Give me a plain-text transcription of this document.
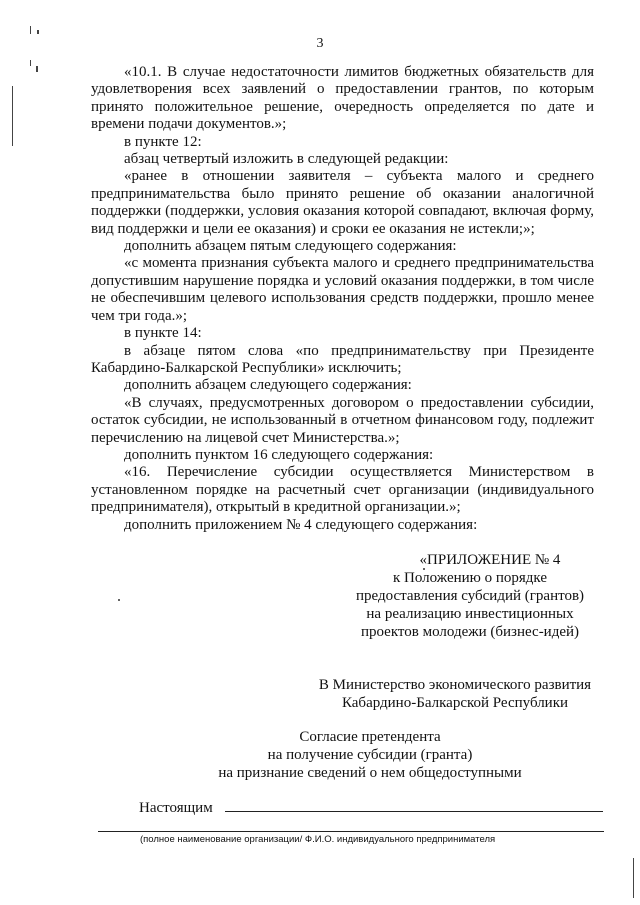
3

«10.1. В случае недостаточности лимитов бюджетных обязательств для удовлетворения всех заявлений о предоставлении грантов, по которым принято положительное решение, очередность определяется по дате и времени подачи документов.»;

в пункте 12:

абзац четвертый изложить в следующей редакции:

«ранее в отношении заявителя – субъекта малого и среднего предпринимательства было принято решение об оказании аналогичной поддержки (поддержки, условия оказания которой совпадают, включая форму, вид поддержки и цели ее оказания) и сроки ее оказания не истекли;»;

дополнить абзацем пятым следующего содержания:

«с момента признания субъекта малого и среднего предпринимательства допустившим нарушение порядка и условий оказания поддержки, в том числе не обеспечившим целевого использования средств поддержки, прошло менее чем три года.»;

в пункте 14:

в абзаце пятом слова «по предпринимательству при Президенте Кабардино-Балкарской Республики» исключить;

дополнить абзацем следующего содержания:

«В случаях, предусмотренных договором о предоставлении субсидии, остаток субсидии, не использованный в отчетном финансовом году, подлежит перечислению на лицевой счет Министерства.»;

дополнить пунктом 16 следующего содержания:

«16. Перечисление субсидии осуществляется Министерством в установленном порядке на расчетный счет организации (индивидуального предпринимателя), открытый в кредитной организации.»;

дополнить приложением № 4 следующего содержания:

«ПРИЛОЖЕНИЕ № 4
к Положению о порядке
предоставления субсидий (грантов)
на реализацию инвестиционных
проектов молодежи (бизнес-идей)
В Министерство экономического развития
Кабардино-Балкарской Республики
Согласие претендента
на получение субсидии (гранта)
на признание сведений о нем общедоступными
Настоящим
(полное наименование организации/ Ф.И.О. индивидуального предпринимателя
